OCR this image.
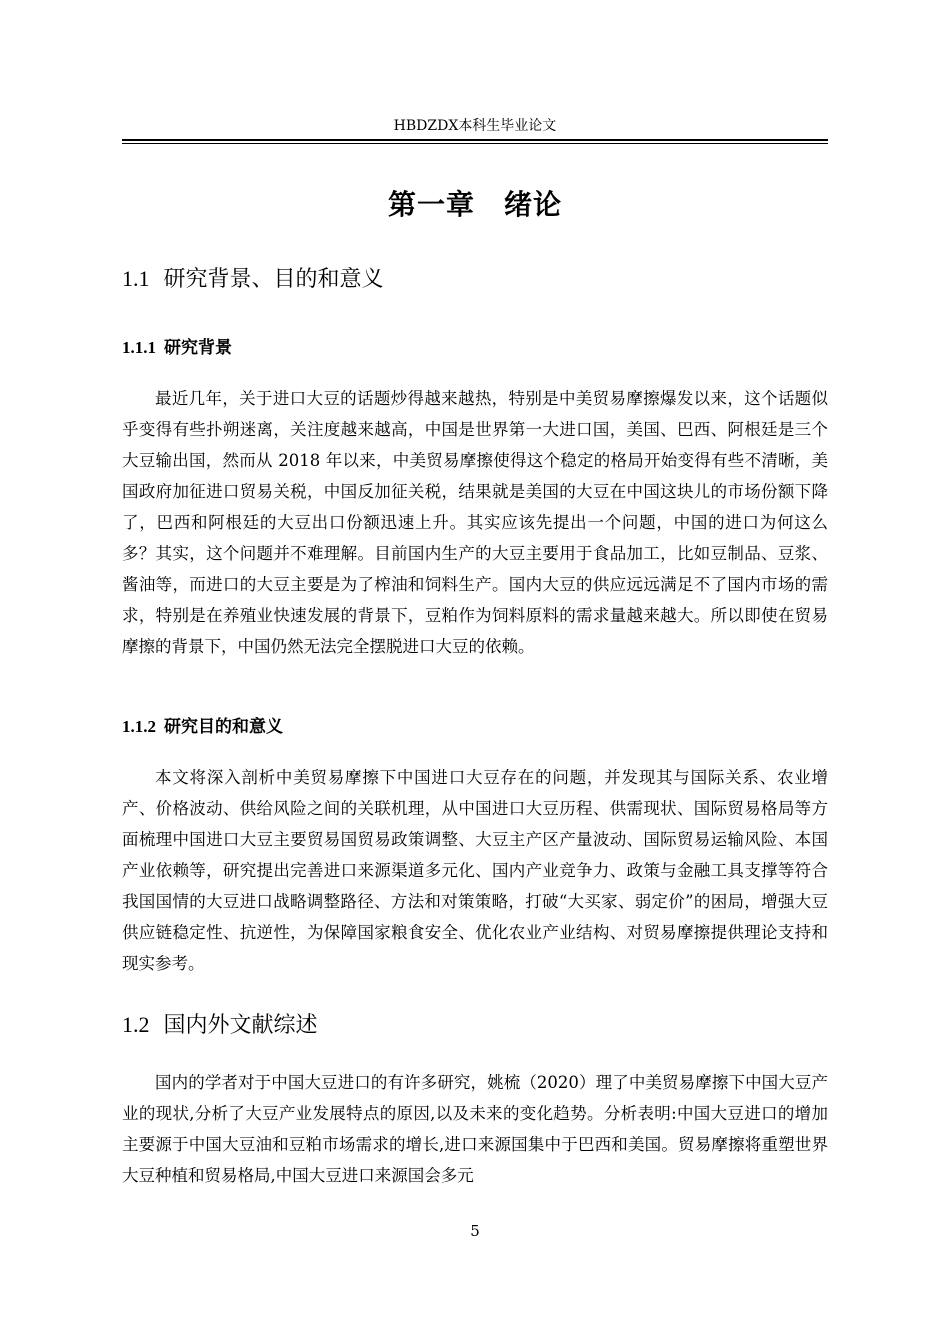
HBDZDX本科生毕业论文
第一章　绪论
1.1 研究背景、目的和意义
1.1.1 研究背景

最近几年，关于进口大豆的话题炒得越来越热，特别是中美贸易摩擦爆发以来，这个话题似乎变得有些扑朔迷离，关注度越来越高，中国是世界第一大进口国，美国、巴西、阿根廷是三个大豆输出国，然而从 2018 年以来，中美贸易摩擦使得这个稳定的格局开始变得有些不清晰，美国政府加征进口贸易关税，中国反加征关税，结果就是美国的大豆在中国这块儿的市场份额下降了，巴西和阿根廷的大豆出口份额迅速上升。其实应该先提出一个问题，中国的进口为何这么多？其实，这个问题并不难理解。目前国内生产的大豆主要用于食品加工，比如豆制品、豆浆、酱油等，而进口的大豆主要是为了榨油和饲料生产。国内大豆的供应远远满足不了国内市场的需求，特别是在养殖业快速发展的背景下，豆粕作为饲料原料的需求量越来越大。所以即使在贸易摩擦的背景下，中国仍然无法完全摆脱进口大豆的依赖。

1.1.2 研究目的和意义

本文将深入剖析中美贸易摩擦下中国进口大豆存在的问题，并发现其与国际关系、农业增产、价格波动、供给风险之间的关联机理，从中国进口大豆历程、供需现状、国际贸易格局等方面梳理中国进口大豆主要贸易国贸易政策调整、大豆主产区产量波动、国际贸易运输风险、本国产业依赖等，研究提出完善进口来源渠道多元化、国内产业竞争力、政策与金融工具支撑等符合我国国情的大豆进口战略调整路径、方法和对策策略，打破“大买家、弱定价”的困局，增强大豆供应链稳定性、抗逆性，为保障国家粮食安全、优化农业产业结构、对贸易摩擦提供理论支持和现实参考。

1.2 国内外文献综述

国内的学者对于中国大豆进口的有许多研究，姚梳（2020）理了中美贸易摩擦下中国大豆产业的现状,分析了大豆产业发展特点的原因,以及未来的变化趋势。分析表明:中国大豆进口的增加主要源于中国大豆油和豆粕市场需求的增长,进口来源国集中于巴西和美国。贸易摩擦将重塑世界大豆种植和贸易格局,中国大豆进口来源国会多元

5
